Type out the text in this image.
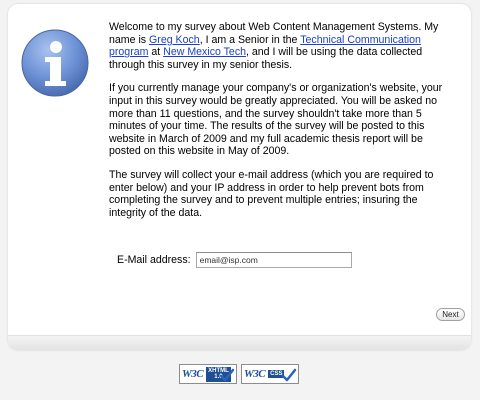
Welcome to my survey about Web Content Management Systems. My name is Greg Koch, I am a Senior in the Technical Communication program at New Mexico Tech, and I will be using the data collected through this survey in my senior thesis.

If you currently manage your company's or organization's website, your input in this survey would be greatly appreciated. You will be asked no more than 11 questions, and the survey shouldn't take more than 5 minutes of your time. The results of the survey will be posted to this website in March of 2009 and my full academic thesis report will be posted on this website in May of 2009.

The survey will collect your e-mail address (which you are required to enter below) and your IP address in order to help prevent bots from completing the survey and to prevent multiple entries; insuring the integrity of the data.

E-Mail address:
email@isp.com
Next
W3C XHTML
1.0	W3C CSS
